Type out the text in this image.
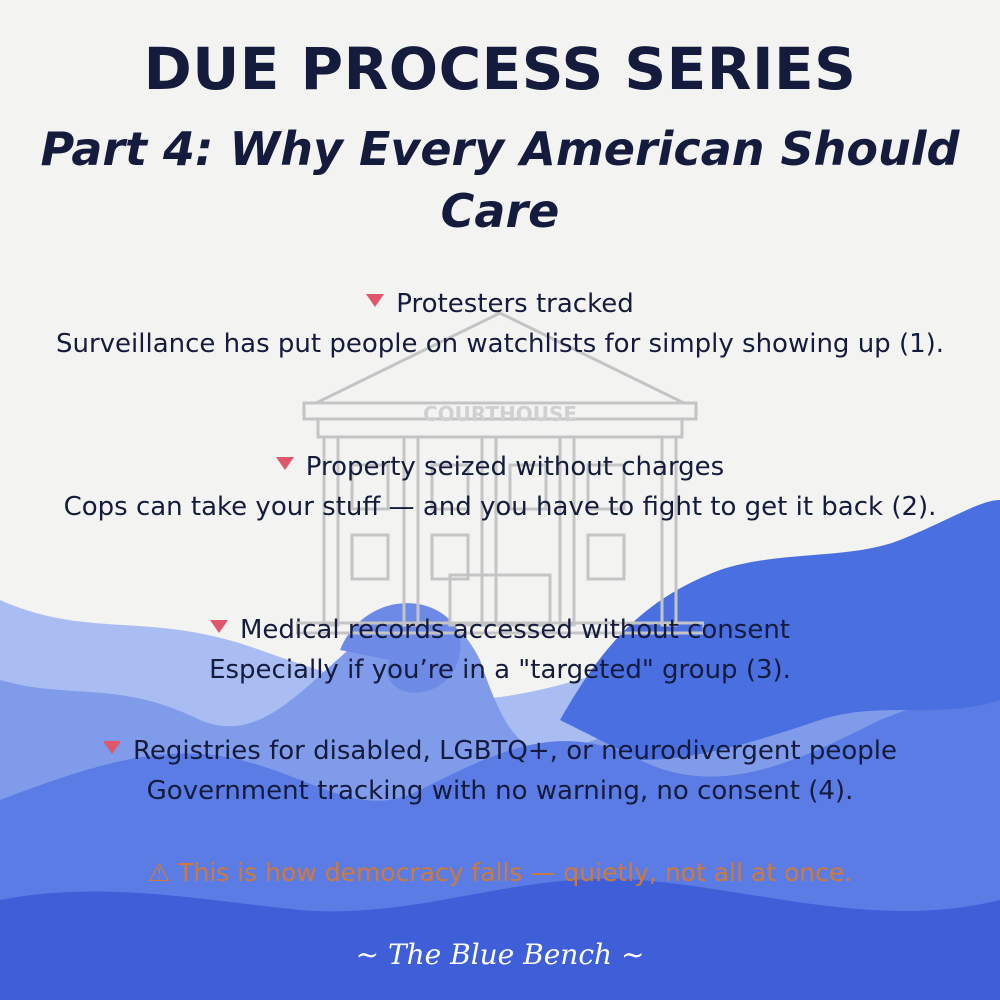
COURTHOUSE
DUE PROCESS SERIES
Part 4: Why Every American Should Care

Protesters tracked

Surveillance has put people on watchlists for simply showing up (1).

Property seized without charges

Cops can take your stuff — and you have to fight to get it back (2).

Medical records accessed without consent

Especially if you’re in a "targeted" group (3).

Registries for disabled, LGBTQ+, or neurodivergent people

Government tracking with no warning, no consent (4).

⚠ This is how democracy falls — quietly, not all at once.

~ The Blue Bench ~
